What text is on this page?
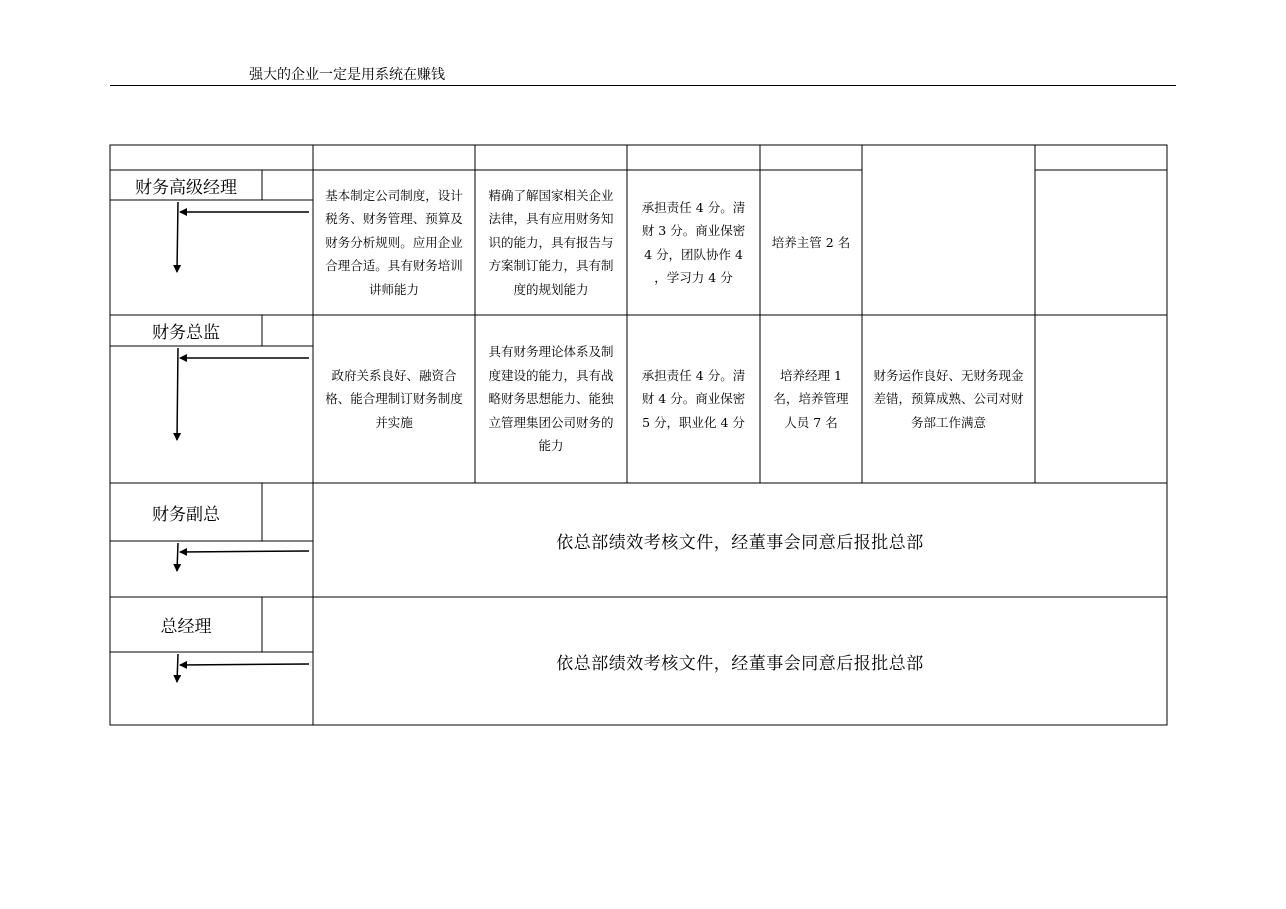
强大的企业一定是用系统在赚钱
财务高级经理	基本制定公司制度，设计税务、财务管理、预算及财务分析规则。应用企业合理合适。具有财务培训讲师能力
精确了解国家相关企业法律，具有应用财务知识的能力，具有报告与方案制订能力，具有制度的规划能力
承担责任 4 分。清财 3 分。商业保密 4 分，团队协作 4 ，学习力 4 分
培养主管 2 名
财务总监
政府关系良好、融资合格、能合理制订财务制度并实施
具有财务理论体系及制度建设的能力，具有战略财务思想能力、能独立管理集团公司财务的能力
承担责任 4 分。清财 4 分。商业保密 5 分，职业化 4 分
培养经理 1 名，培养管理人员 7 名
财务运作良好、无财务现金差错，预算成熟、公司对财务部工作满意
财务副总
依总部绩效考核文件，经董事会同意后报批总部
总经理
依总部绩效考核文件，经董事会同意后报批总部
